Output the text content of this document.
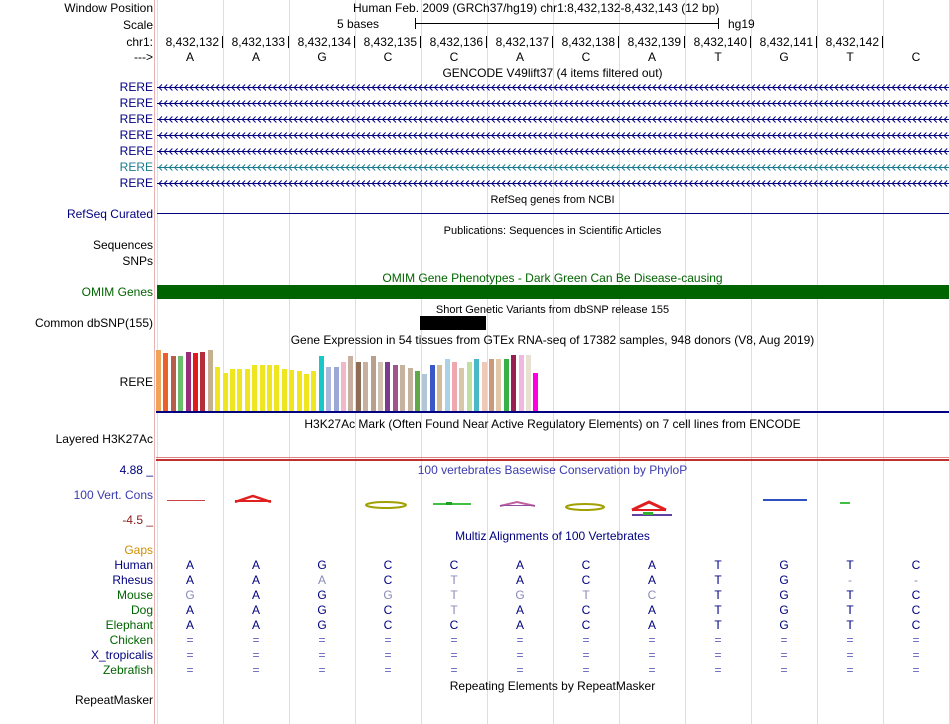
Window Position	Human Feb. 2009 (GRCh37/hg19) chr1:8,432,132-8,432,143 (12 bp)
Scale	5 bases	hg19
chr1:	8,432,132	8,432,133	8,432,134	8,432,135	8,432,136	8,432,137	8,432,138	8,432,139	8,432,140	8,432,141	8,432,142
--->	A	A	G	C	C	A	C	A	T	G	T	C
GENCODE V49lift37 (4 items filtered out)
RERE
RERE
RERE
RERE
RERE
RERE
RERE
RefSeq genes from NCBI
RefSeq Curated
Publications: Sequences in Scientific Articles
Sequences
SNPs
OMIM Gene Phenotypes - Dark Green Can Be Disease-causing
OMIM Genes
Short Genetic Variants from dbSNP release 155
Common dbSNP(155)
Gene Expression in 54 tissues from GTEx RNA-seq of 17382 samples, 948 donors (V8, Aug 2019)
RERE
H3K27Ac Mark (Often Found Near Active Regulatory Elements) on 7 cell lines from ENCODE
Layered H3K27Ac
4.88 _	100 vertebrates Basewise Conservation by PhyloP
100 Vert. Cons
-4.5 _
Multiz Alignments of 100 Vertebrates
Gaps
Human	A	A	G	C	C	A	C	A	T	G	T	C
Rhesus	A	A	A	C	T	A	C	A	T	G	-	-
Mouse	G	A	G	G	T	G	T	C	T	G	T	C
Dog	A	A	G	C	T	A	C	A	T	G	T	C
Elephant	A	A	G	C	C	A	C	A	T	G	T	C
Chicken	=	=	=	=	=	=	=	=	=	=	=	=
X_tropicalis	=	=	=	=	=	=	=	=	=	=	=	=
Zebrafish	=	=	=	=	=	=	=	=	=	=	=	=
Repeating Elements by RepeatMasker
RepeatMasker
